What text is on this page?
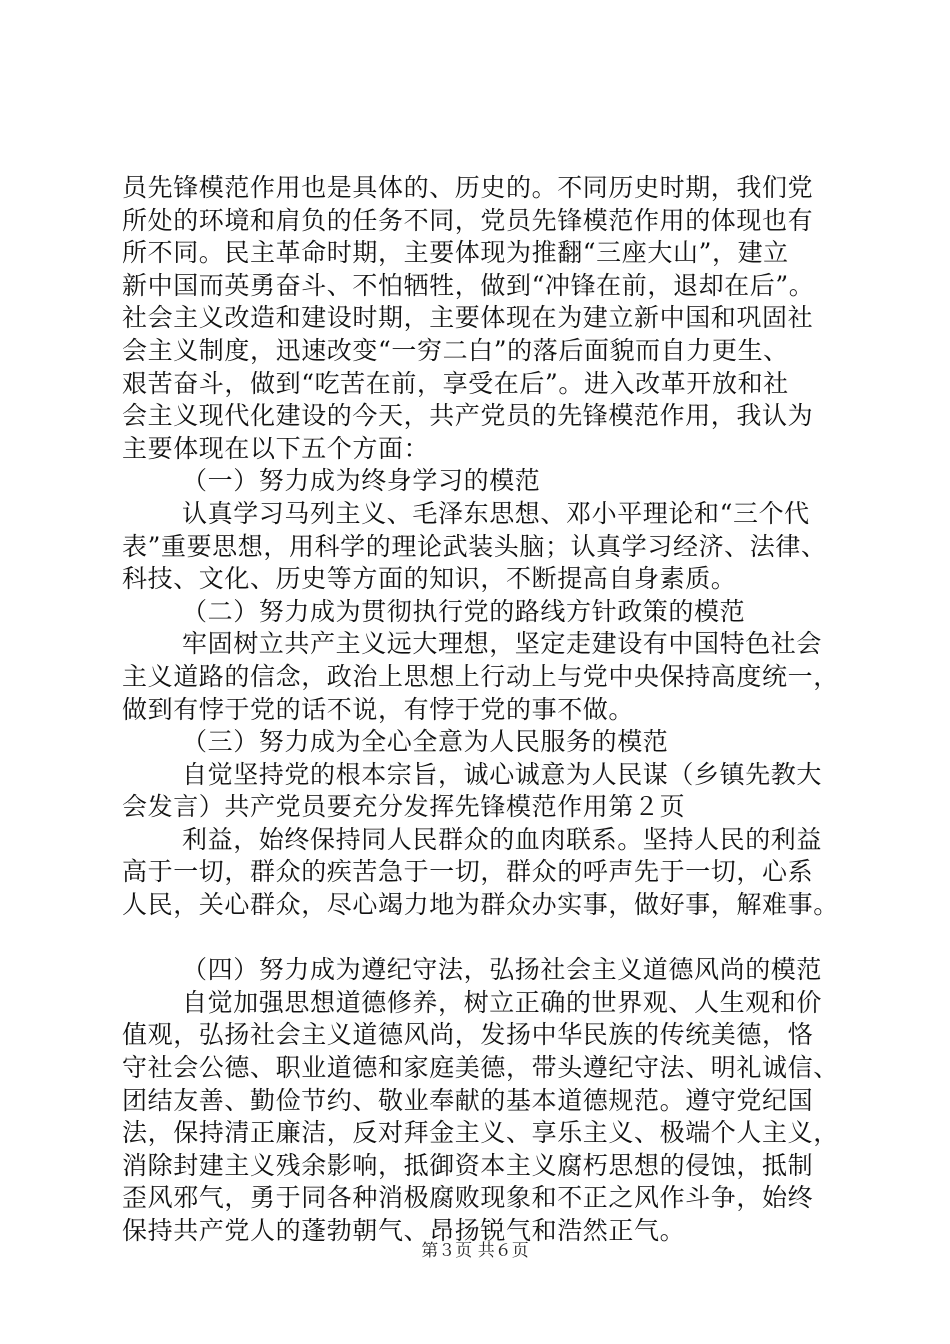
员先锋模范作用也是具体的、历史的。不同历史时期，我们党
所处的环境和肩负的任务不同，党员先锋模范作用的体现也有
所不同。民主革命时期，主要体现为推翻“三座大山”，建立
新中国而英勇奋斗、不怕牺牲，做到“冲锋在前，退却在后”。
社会主义改造和建设时期，主要体现在为建立新中国和巩固社
会主义制度，迅速改变“一穷二白”的落后面貌而自力更生、
艰苦奋斗，做到“吃苦在前，享受在后”。进入改革开放和社
会主义现代化建设的今天，共产党员的先锋模范作用，我认为
主要体现在以下五个方面：
（一）努力成为终身学习的模范
认真学习马列主义、毛泽东思想、邓小平理论和“三个代
表”重要思想，用科学的理论武装头脑；认真学习经济、法律、
科技、文化、历史等方面的知识，不断提高自身素质。
（二）努力成为贯彻执行党的路线方针政策的模范
牢固树立共产主义远大理想，坚定走建设有中国特色社会
主义道路的信念，政治上思想上行动上与党中央保持高度统一，
做到有悖于党的话不说，有悖于党的事不做。
（三）努力成为全心全意为人民服务的模范
自觉坚持党的根本宗旨，诚心诚意为人民谋（乡镇先教大
会发言）共产党员要充分发挥先锋模范作用第２页
利益，始终保持同人民群众的血肉联系。坚持人民的利益
高于一切，群众的疾苦急于一切，群众的呼声先于一切，心系
人民，关心群众，尽心竭力地为群众办实事，做好事，解难事。
（四）努力成为遵纪守法，弘扬社会主义道德风尚的模范
自觉加强思想道德修养，树立正确的世界观、人生观和价
值观，弘扬社会主义道德风尚，发扬中华民族的传统美德，恪
守社会公德、职业道德和家庭美德，带头遵纪守法、明礼诚信、
团结友善、勤俭节约、敬业奉献的基本道德规范。遵守党纪国
法，保持清正廉洁，反对拜金主义、享乐主义、极端个人主义，
消除封建主义残余影响，抵御资本主义腐朽思想的侵蚀，抵制
歪风邪气，勇于同各种消极腐败现象和不正之风作斗争，始终
保持共产党人的蓬勃朝气、昂扬锐气和浩然正气。
第３页 共６页
